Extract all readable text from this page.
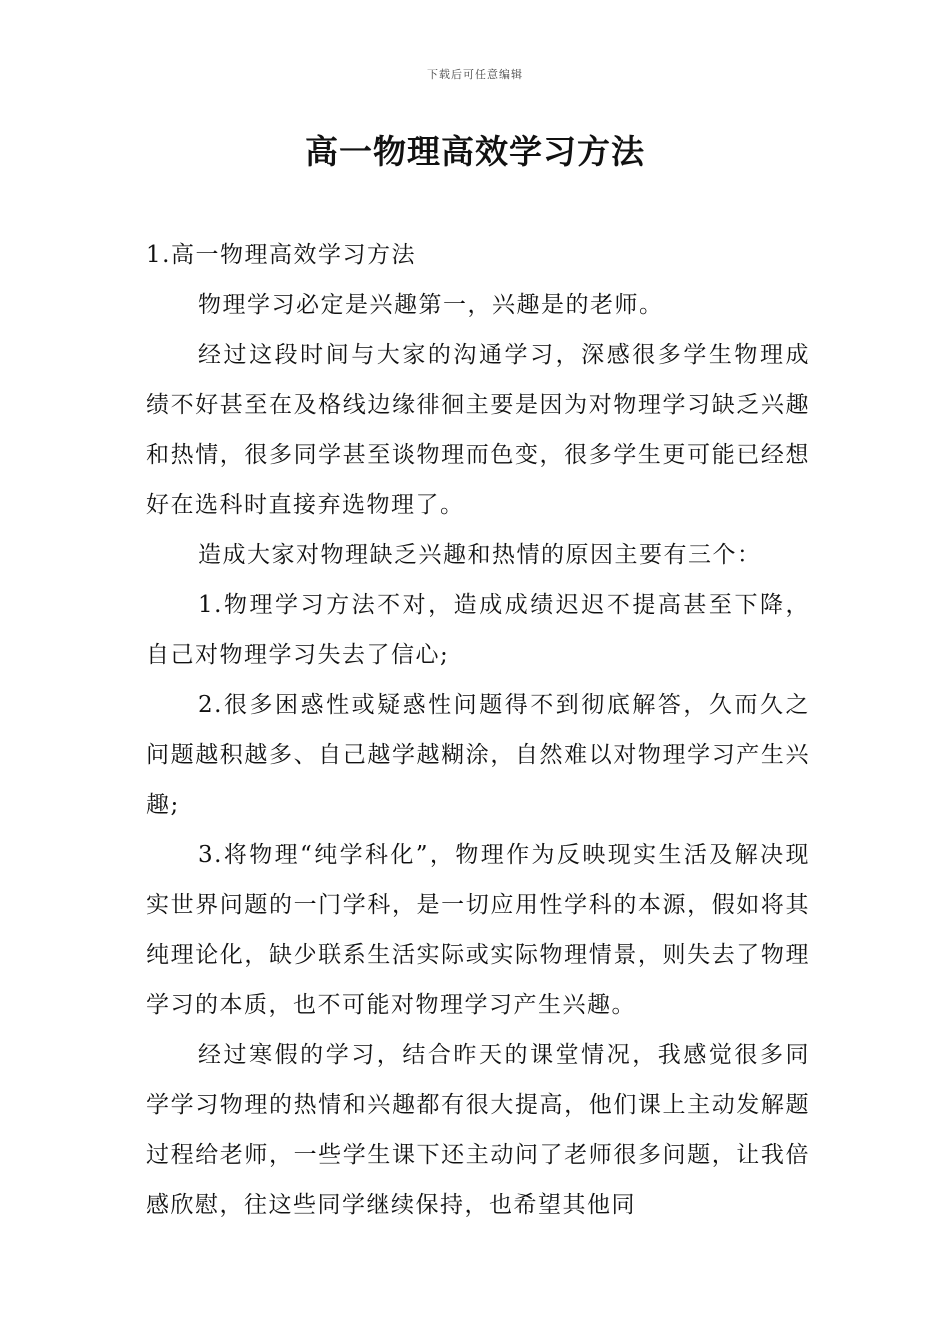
下载后可任意编辑
高一物理高效学习方法

1.高一物理高效学习方法

物理学习必定是兴趣第一，兴趣是的老师。

经过这段时间与大家的沟通学习，深感很多学生物理成绩不好甚至在及格线边缘徘徊主要是因为对物理学习缺乏兴趣和热情，很多同学甚至谈物理而色变，很多学生更可能已经想好在选科时直接弃选物理了。

造成大家对物理缺乏兴趣和热情的原因主要有三个：

1.物理学习方法不对，造成成绩迟迟不提高甚至下降，自己对物理学习失去了信心;

2.很多困惑性或疑惑性问题得不到彻底解答，久而久之问题越积越多、自己越学越糊涂，自然难以对物理学习产生兴趣;

3.将物理“纯学科化”，物理作为反映现实生活及解决现实世界问题的一门学科，是一切应用性学科的本源，假如将其纯理论化，缺少联系生活实际或实际物理情景，则失去了物理学习的本质，也不可能对物理学习产生兴趣。

经过寒假的学习，结合昨天的课堂情况，我感觉很多同学学习物理的热情和兴趣都有很大提高，他们课上主动发解题过程给老师，一些学生课下还主动问了老师很多问题，让我倍感欣慰，往这些同学继续保持，也希望其他同
